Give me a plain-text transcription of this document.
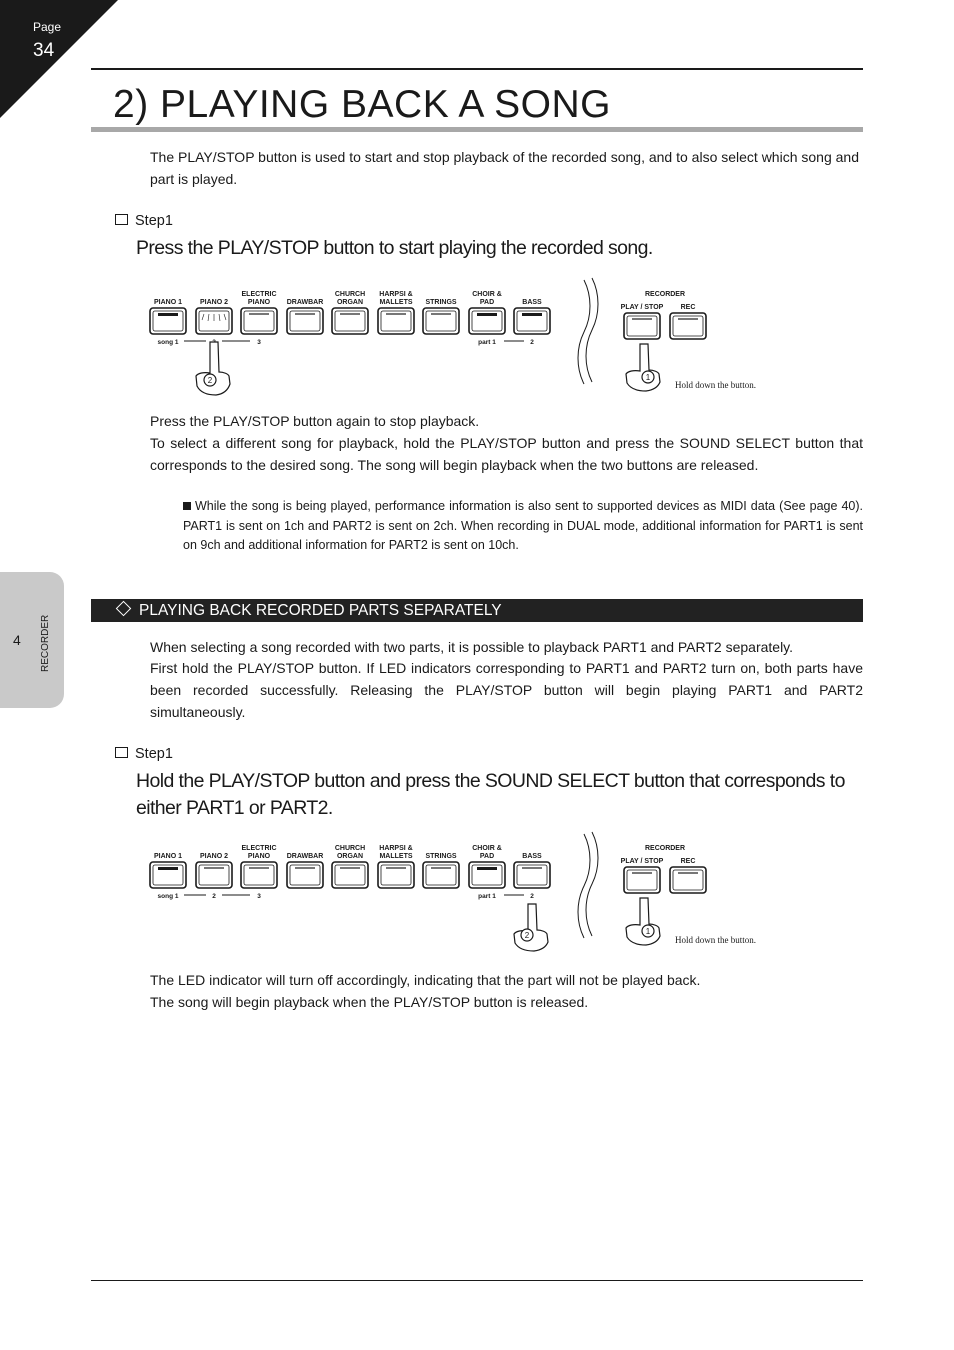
Page
34
2) PLAYING BACK A SONG

The PLAY/STOP button is used to start and stop playback of the recorded song, and to also select which song and part is played.

Step1
Press the PLAY/STOP button to start playing the recorded song.
PIANO 1	PIANO 2
ELECTRIC
PIANO DRAWBAR
CHURCH
ORGAN
HARPSI &
MALLETS STRINGS
CHOIR &
PAD	BASS
song 1	3	part 1	2
RECORDER
PLAY / STOP REC
2	1
Hold down the button.

Press the PLAY/STOP button again to stop playback.

To select a different song for playback, hold the PLAY/STOP button and press the SOUND SELECT button that corresponds to the desired song. The song will begin playback when the two buttons are released.

While the song is being played, performance information is also sent to supported devices as MIDI data (See page 40). PART1 is sent on 1ch and PART2 is sent on 2ch. When recording in DUAL mode, additional information for PART1 is sent on 9ch and additional information for PART2 is sent on 10ch.
4 RECORDER
PLAYING BACK RECORDED PARTS SEPARATELY

When selecting a song recorded with two parts, it is possible to playback PART1 and PART2 separately.

First hold the PLAY/STOP button. If LED indicators corresponding to PART1 and PART2 turn on, both parts have been recorded successfully. Releasing the PLAY/STOP button will begin playing PART1 and PART2 simultaneously.

Step1
Hold the PLAY/STOP button and press the SOUND SELECT button that corresponds to either PART1 or PART2.
PIANO 1	PIANO 2
ELECTRIC
PIANO DRAWBAR
CHURCH
ORGAN
HARPSI &
MALLETS STRINGS
CHOIR &
PAD	BASS
song 1	2	3	part 1	2
RECORDER
PLAY / STOP REC
2	1
Hold down the button.

The LED indicator will turn off accordingly, indicating that the part will not be played back.

The song will begin playback when the PLAY/STOP button is released.
